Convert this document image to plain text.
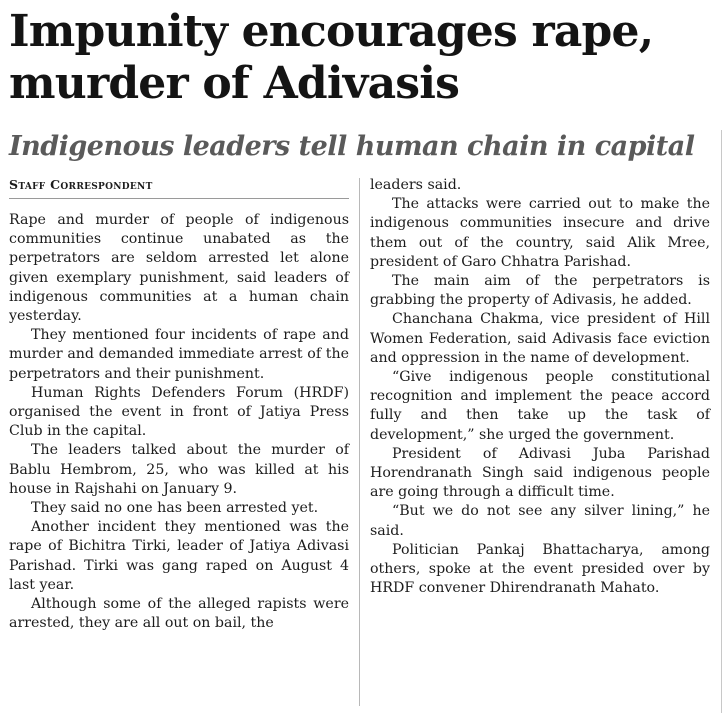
Impunity encourages rape, murder of Adivasis
Indigenous leaders tell human chain in capital
Staff Correspondent

Rape and murder of people of indigenous communities continue unabated as the perpetrators are seldom arrested let alone given exemplary punishment, said leaders of indigenous communities at a human chain yesterday.

They mentioned four incidents of rape and murder and demanded immediate arrest of the perpetrators and their punishment.

Human Rights Defenders Forum (HRDF) organised the event in front of Jatiya Press Club in the capital.

The leaders talked about the murder of Bablu Hembrom, 25, who was killed at his house in Rajshahi on January 9.

They said no one has been arrested yet.

Another incident they mentioned was the rape of Bichitra Tirki, leader of Jatiya Adivasi Parishad. Tirki was gang raped on August 4 last year.

Although some of the alleged rapists were arrested, they are all out on bail, the

leaders said.

The attacks were carried out to make the indigenous communities insecure and drive them out of the country, said Alik Mree, president of Garo Chhatra Parishad.

The main aim of the perpetrators is grabbing the property of Adivasis, he added.

Chanchana Chakma, vice president of Hill Women Federation, said Adivasis face eviction and oppression in the name of development.

“Give indigenous people constitutional recognition and implement the peace accord fully and then take up the task of development,” she urged the government.

President of Adivasi Juba Parishad Horendranath Singh said indigenous people are going through a difficult time.

“But we do not see any silver lining,” he said.

Politician Pankaj Bhattacharya, among others, spoke at the event presided over by HRDF convener Dhirendranath Mahato.
